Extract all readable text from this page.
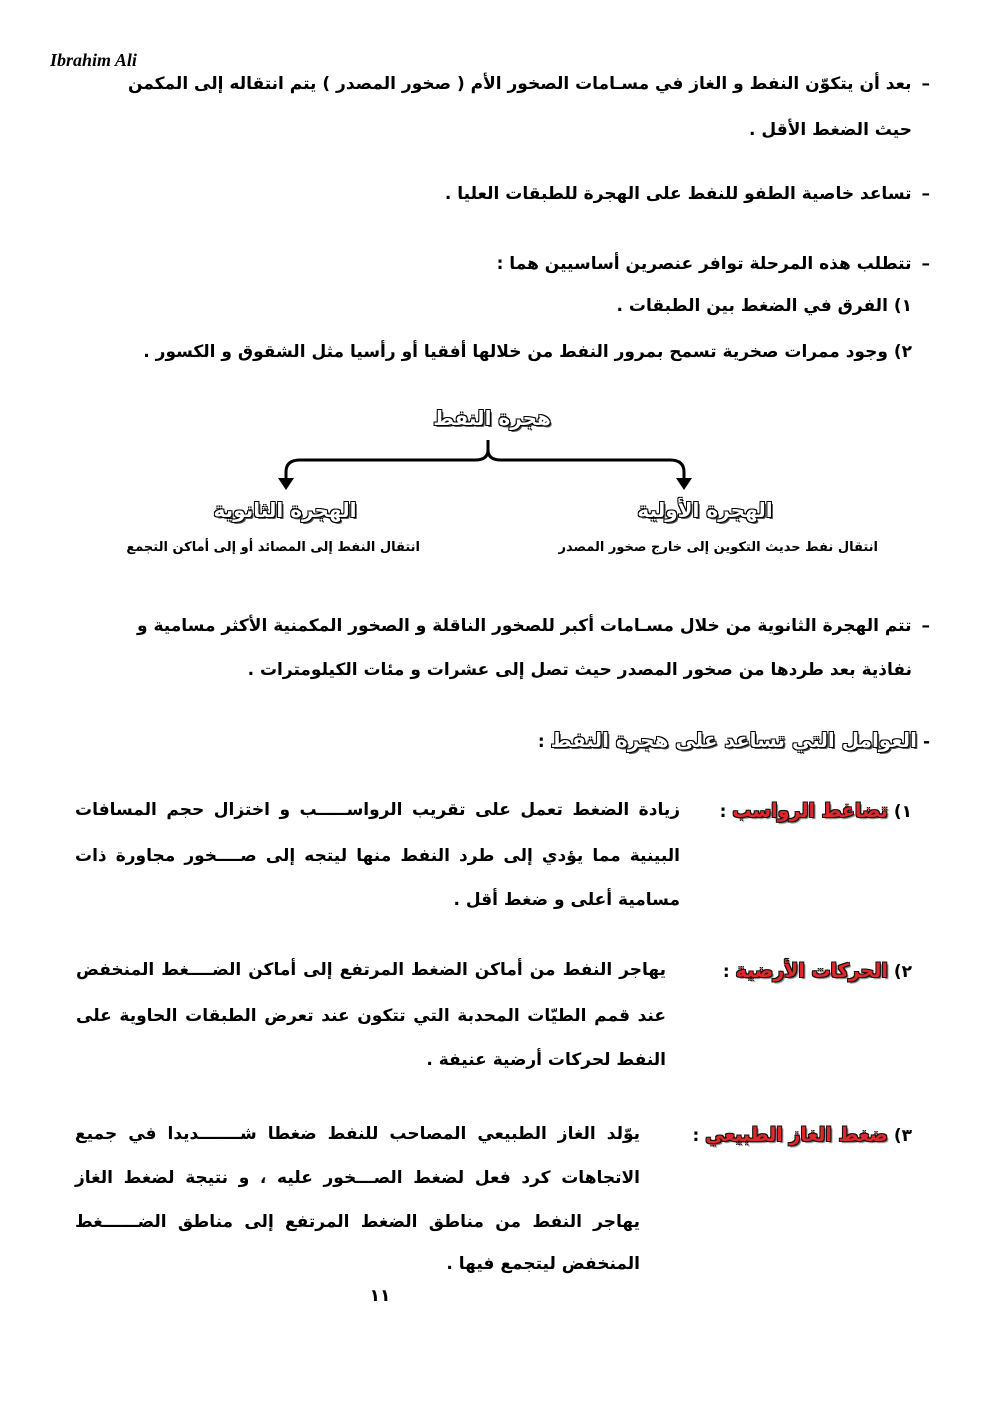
Ibrahim Ali
–بعد أن يتكوّن النفط و الغاز في مسـامات الصخور الأم ( صخور المصدر ) يتم انتقاله إلى المكمن
حيث الضغط الأقل .
–تساعد خاصية الطفو للنفط على الهجرة للطبقات العليا .
–تتطلب هذه المرحلة توافر عنصرين أساسيين هما :
١) الفرق في الضغط بين الطبقات .
٢) وجود ممرات صخرية تسمح بمرور النفط من خلالها أفقيا أو رأسيا مثل الشقوق و الكسور .
هجرة النفط
الهجرة الثانوية	الهجرة الأولية
انتقال النفط إلى المصائد أو إلى أماكن التجمع	انتقال نفط حديث التكوين إلى خارج صخور المصدر
–تتم الهجرة الثانوية من خلال مسـامات أكبر للصخور الناقلة و الصخور المكمنية الأكثر مسامية و
نفاذية بعد طردها من صخور المصدر حيث تصل إلى عشرات و مئات الكيلومترات .
- العوامل التي تساعد على هجرة النفط :
١) تضاغط الرواسب :
زيادة الضغط تعمل على تقريب الرواســـــب و اختزال حجم المسافات
البينية مما يؤدي إلى طرد النفط منها ليتجه إلى صــــخور مجاورة ذات
مسامية أعلى و ضغط أقل .
٢) الحركات الأرضية :
يهاجر النفط من أماكن الضغط المرتفع إلى أماكن الضــــغط المنخفض
عند قمم الطيّات المحدبة التي تتكون عند تعرض الطبقات الحاوية على
النفط لحركات أرضية عنيفة .
٣) ضغط الغاز الطبيعي :
يوّلد الغاز الطبيعي المصاحب للنفط ضغطا شـــــــديدا في جميع
الاتجاهات كرد فعل لضغط الصـــخور عليه ، و نتيجة لضغط الغاز
يهاجر النفط من مناطق الضغط المرتفع إلى مناطق الضــــــغط
المنخفض ليتجمع فيها .
١١
